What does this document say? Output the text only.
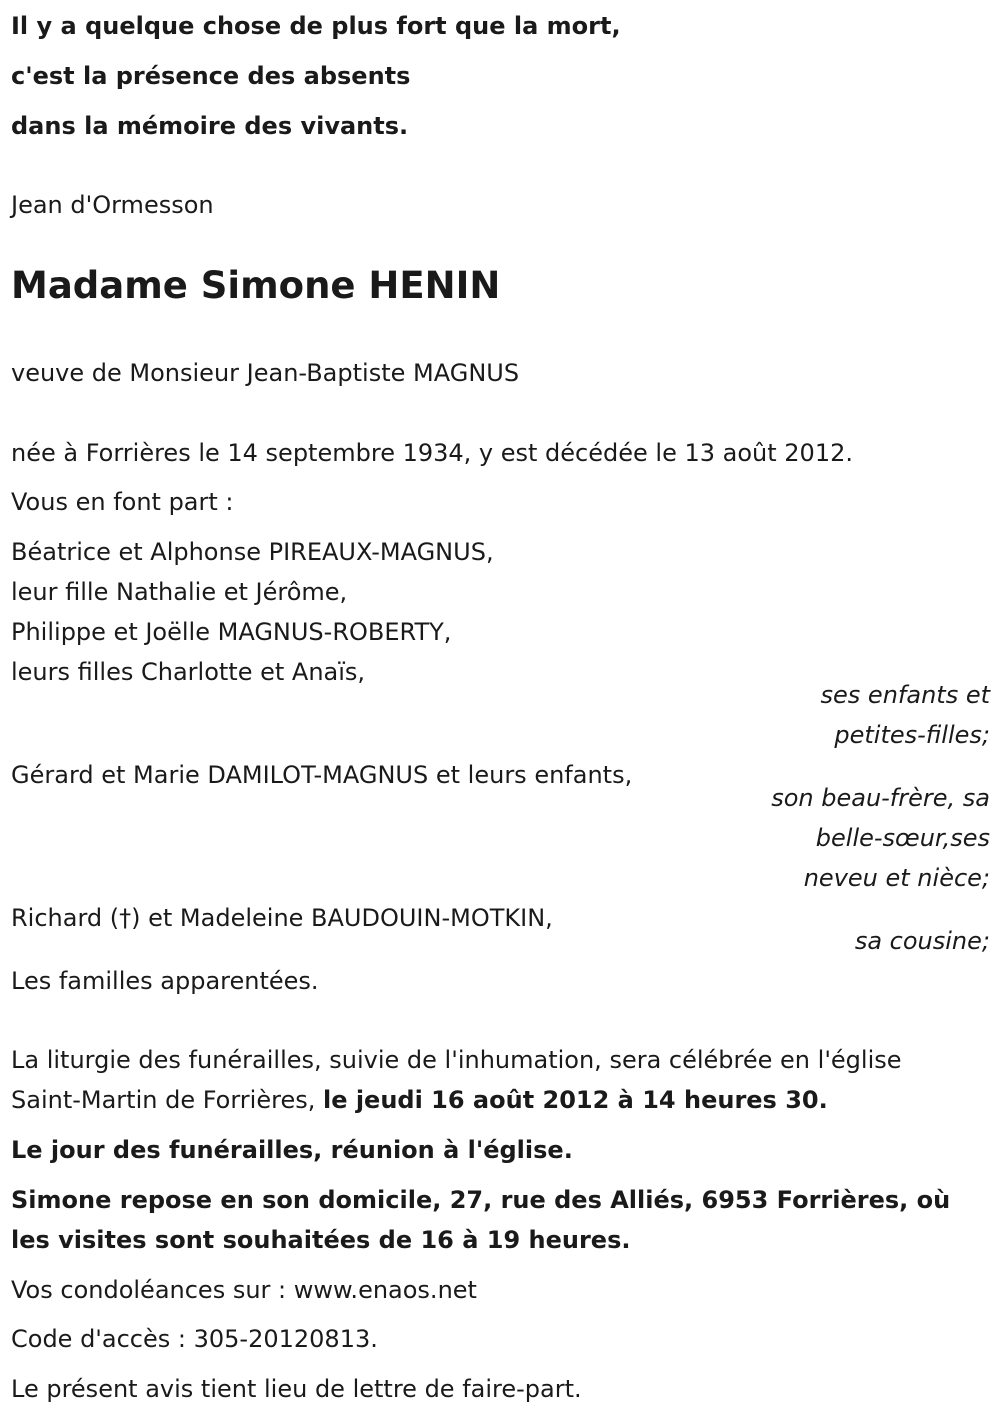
Il y a quelque chose de plus fort que la mort,

c'est la présence des absents

dans la mémoire des vivants.

Jean d'Ormesson

Madame Simone HENIN

veuve de Monsieur Jean-Baptiste MAGNUS

née à Forrières le 14 septembre 1934, y est décédée le 13 août 2012.

Vous en font part :

Béatrice et Alphonse PIREAUX-MAGNUS,

leur fille Nathalie et Jérôme,

Philippe et Joëlle MAGNUS-ROBERTY,

leurs filles Charlotte et Anaïs,

ses enfants et

petites-filles;

Gérard et Marie DAMILOT-MAGNUS et leurs enfants,

son beau-frère, sa

belle-sœur,ses

neveu et nièce;

Richard (†) et Madeleine BAUDOUIN-MOTKIN,

sa cousine;

Les familles apparentées.

La liturgie des funérailles, suivie de l'inhumation, sera célébrée en l'église

Saint-Martin de Forrières, le jeudi 16 août 2012 à 14 heures 30.

Le jour des funérailles, réunion à l'église.

Simone repose en son domicile, 27, rue des Alliés, 6953 Forrières, où

les visites sont souhaitées de 16 à 19 heures.

Vos condoléances sur : www.enaos.net

Code d'accès : 305-20120813.

Le présent avis tient lieu de lettre de faire-part.
